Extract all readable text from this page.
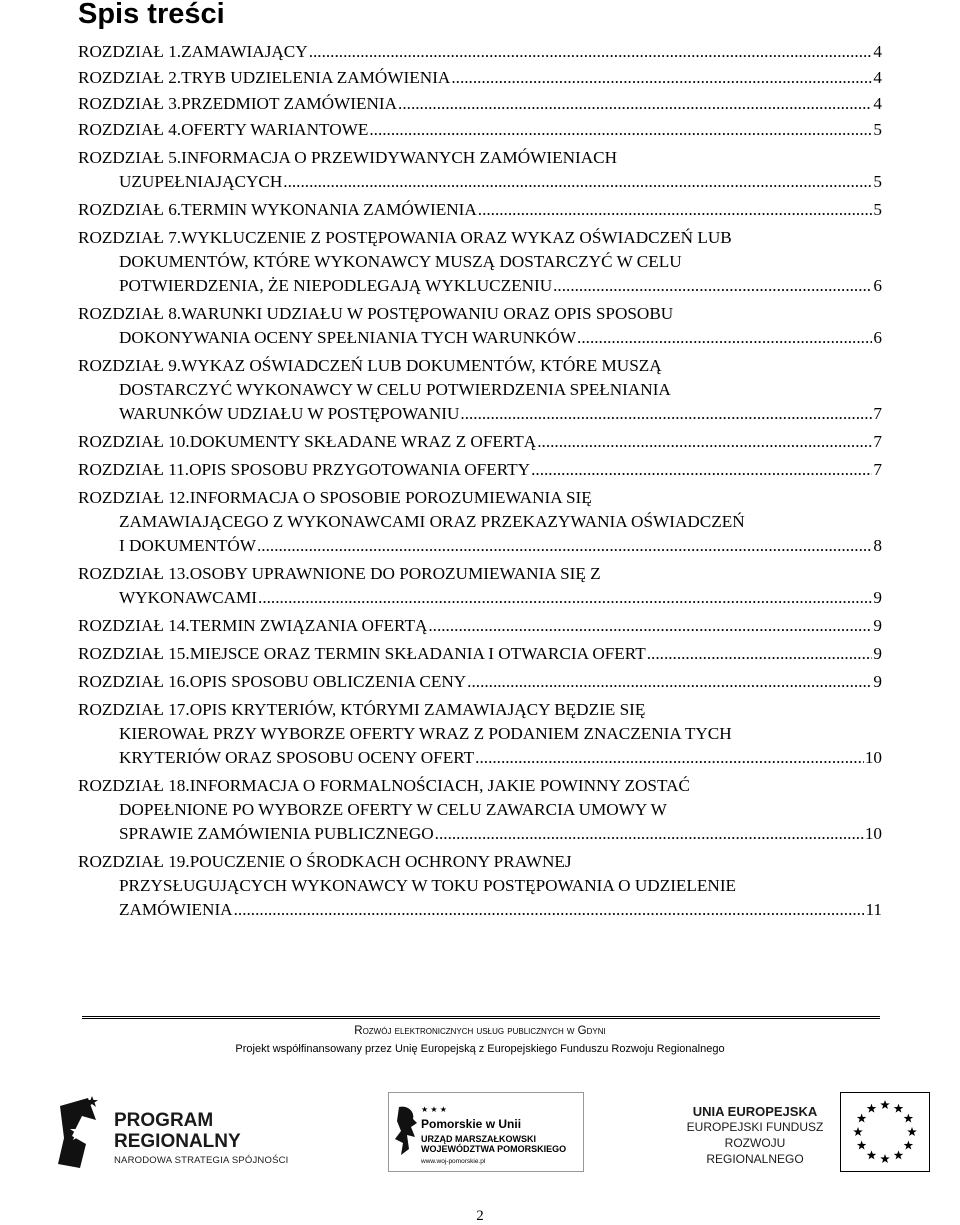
Spis treści
ROZDZIAŁ 1.ZAMAWIAJĄCY .....	4
ROZDZIAŁ 2.TRYB UDZIELENIA ZAMÓWIENIA .....	4
ROZDZIAŁ 3.PRZEDMIOT ZAMÓWIENIA .....	4
ROZDZIAŁ 4.OFERTY WARIANTOWE .....	5
ROZDZIAŁ 5.INFORMACJA O PRZEWIDYWANYCH ZAMÓWIENIACH
UZUPEŁNIAJĄCYCH .....	5
ROZDZIAŁ 6.TERMIN WYKONANIA ZAMÓWIENIA .....	5
ROZDZIAŁ 7.WYKLUCZENIE Z POSTĘPOWANIA ORAZ WYKAZ OŚWIADCZEŃ LUB
DOKUMENTÓW, KTÓRE WYKONAWCY MUSZĄ DOSTARCZYĆ W CELU
POTWIERDZENIA, ŻE NIEPODLEGAJĄ WYKLUCZENIU .....	6
ROZDZIAŁ 8.WARUNKI UDZIAŁU W POSTĘPOWANIU ORAZ OPIS SPOSOBU
DOKONYWANIA OCENY SPEŁNIANIA TYCH WARUNKÓW .....	6
ROZDZIAŁ 9.WYKAZ OŚWIADCZEŃ LUB DOKUMENTÓW, KTÓRE MUSZĄ
DOSTARCZYĆ WYKONAWCY W CELU POTWIERDZENIA SPEŁNIANIA
WARUNKÓW UDZIAŁU W POSTĘPOWANIU .....	7
ROZDZIAŁ 10.DOKUMENTY SKŁADANE WRAZ Z OFERTĄ .....	7
ROZDZIAŁ 11.OPIS SPOSOBU PRZYGOTOWANIA OFERTY .....	7
ROZDZIAŁ 12.INFORMACJA O SPOSOBIE POROZUMIEWANIA SIĘ
ZAMAWIAJĄCEGO Z WYKONAWCAMI ORAZ PRZEKAZYWANIA OŚWIADCZEŃ
I DOKUMENTÓW .....	8
ROZDZIAŁ 13.OSOBY UPRAWNIONE DO POROZUMIEWANIA SIĘ Z
WYKONAWCAMI .....	9
ROZDZIAŁ 14.TERMIN ZWIĄZANIA OFERTĄ .....	9
ROZDZIAŁ 15.MIEJSCE ORAZ TERMIN SKŁADANIA I OTWARCIA OFERT .....	9
ROZDZIAŁ 16.OPIS SPOSOBU OBLICZENIA CENY .....	9
ROZDZIAŁ 17.OPIS KRYTERIÓW, KTÓRYMI ZAMAWIAJĄCY BĘDZIE SIĘ
KIEROWAŁ PRZY WYBORZE OFERTY WRAZ Z PODANIEM ZNACZENIA TYCH
KRYTERIÓW ORAZ SPOSOBU OCENY OFERT .....	10
ROZDZIAŁ 18.INFORMACJA O FORMALNOŚCIACH, JAKIE POWINNY ZOSTAĆ
DOPEŁNIONE PO WYBORZE OFERTY W CELU ZAWARCIA UMOWY W
SPRAWIE ZAMÓWIENIA PUBLICZNEGO .....	10
ROZDZIAŁ 19.POUCZENIE O ŚRODKACH OCHRONY PRAWNEJ
PRZYSŁUGUJĄCYCH WYKONAWCY W TOKU POSTĘPOWANIA O UDZIELENIE
ZAMÓWIENIA .....	11
Rozwój elektronicznych usług publicznych w Gdyni
Projekt współfinansowany przez Unię Europejską z Europejskiego Funduszu Rozwoju Regionalnego
PROGRAM
REGIONALNY
NARODOWA STRATEGIA SPÓJNOŚCI
★ ★ ★
Pomorskie w Unii
URZĄD MARSZAŁKOWSKI
WOJEWÓDZTWA POMORSKIEGO
www.woj-pomorskie.pl
UNIA EUROPEJSKA
EUROPEJSKI FUNDUSZ
ROZWOJU REGIONALNEGO
2
